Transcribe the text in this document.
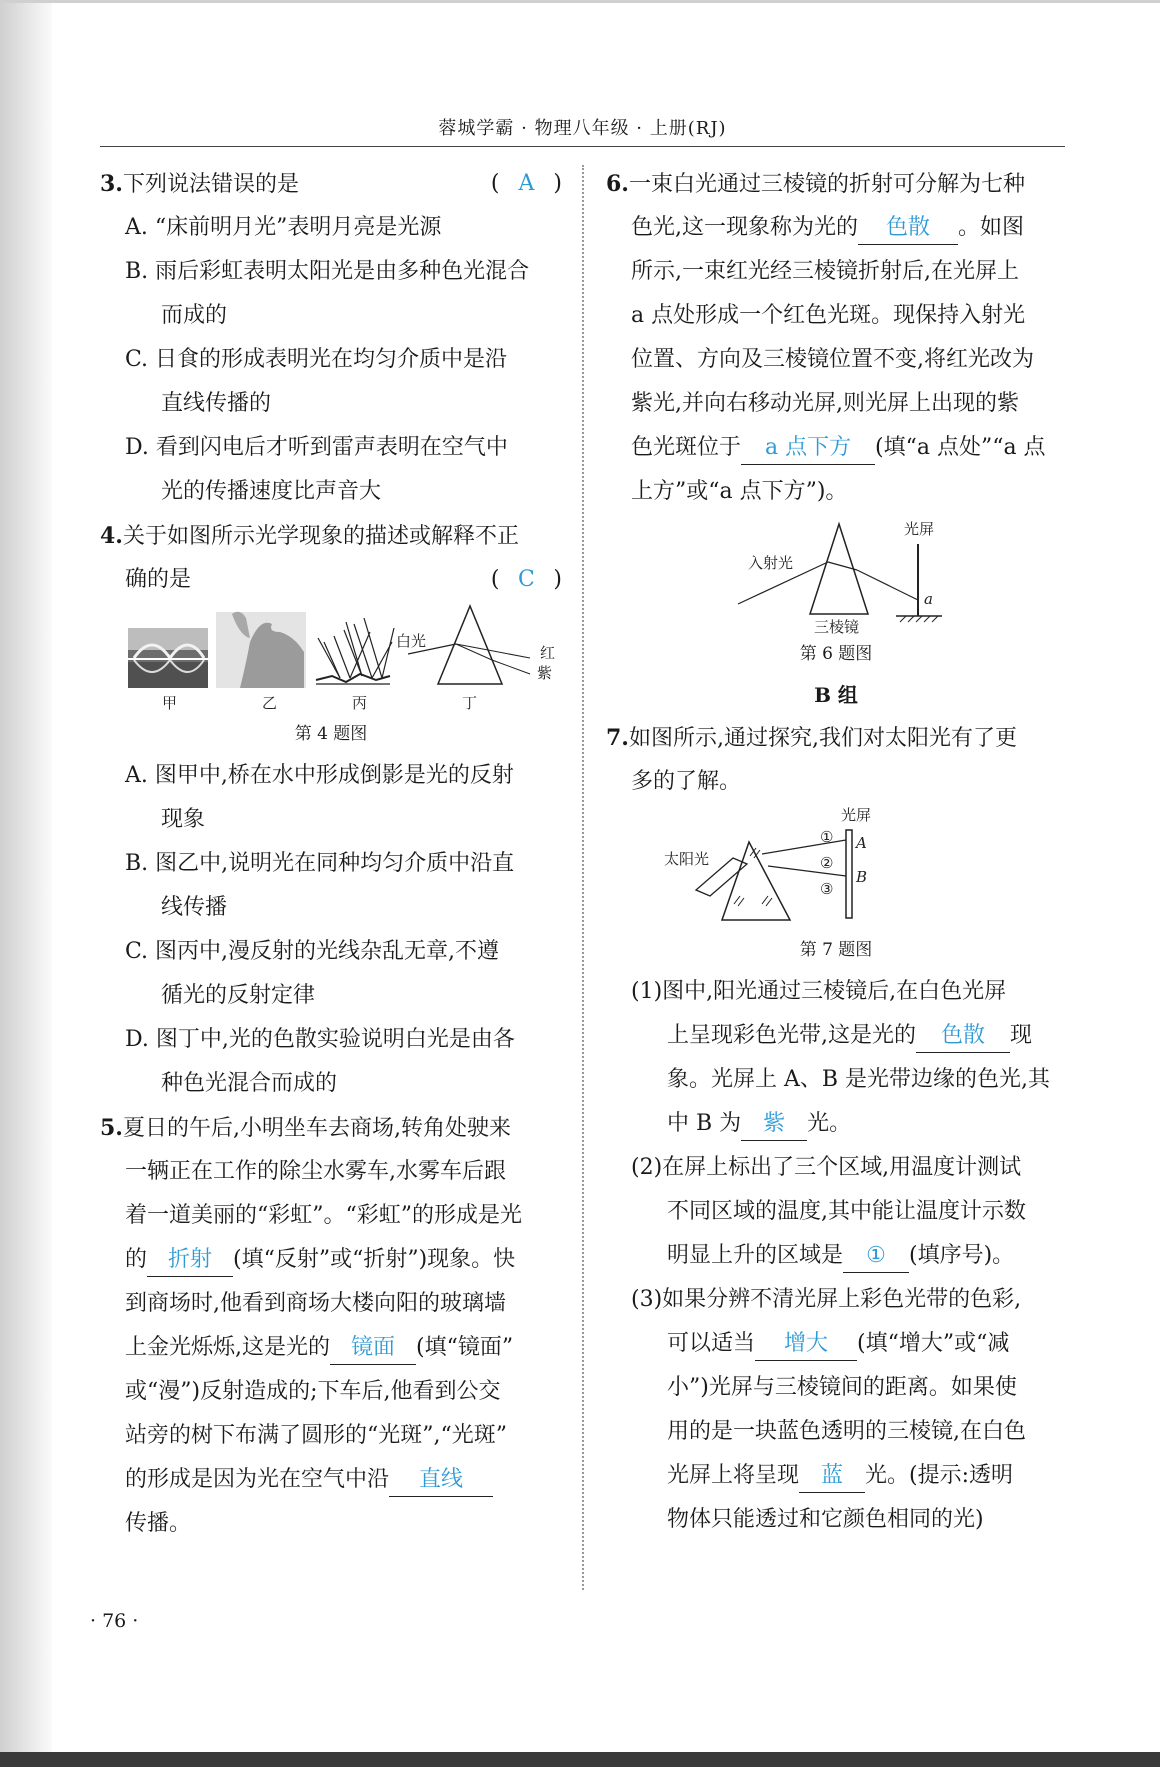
蓉城学霸 · 物理八年级 · 上册(RJ)
3.下列说法错误的是	( A )
A. “床前明月光”表明月亮是光源
B. 雨后彩虹表明太阳光是由多种色光混合
而成的
C. 日食的形成表明光在均匀介质中是沿
直线传播的
D. 看到闪电后才听到雷声表明在空气中
光的传播速度比声音大
4.关于如图所示光学现象的描述或解释不正
确的是	( C )
白光
红
紫
甲	乙	丙	丁
第 4 题图
A. 图甲中,桥在水中形成倒影是光的反射
现象
B. 图乙中,说明光在同种均匀介质中沿直
线传播
C. 图丙中,漫反射的光线杂乱无章,不遵
循光的反射定律
D. 图丁中,光的色散实验说明白光是由各
种色光混合而成的
5.夏日的午后,小明坐车去商场,转角处驶来
一辆正在工作的除尘水雾车,水雾车后跟
着一道美丽的“彩虹”。“彩虹”的形成是光
的 折射 (填“反射”或“折射”)现象。快
到商场时,他看到商场大楼向阳的玻璃墙
上金光烁烁,这是光的 镜面 (填“镜面”
或“漫”)反射造成的;下车后,他看到公交
站旁的树下布满了圆形的“光斑”,“光斑”
的形成是因为光在空气中沿 直线
传播。
6.一束白光通过三棱镜的折射可分解为七种
色光,这一现象称为光的 色散 。如图
所示,一束红光经三棱镜折射后,在光屏上
a 点处形成一个红色光斑。现保持入射光
位置、方向及三棱镜位置不变,将红光改为
紫光,并向右移动光屏,则光屏上出现的紫
色光斑位于 a 点下方 (填“a 点处”“a 点
上方”或“a 点下方”)。
光屏
入射光
三棱镜
a
第 6 题图
B 组
7.如图所示,通过探究,我们对太阳光有了更
多的了解。
光屏
太阳光
①
②
③
A
B
第 7 题图
(1)图中,阳光通过三棱镜后,在白色光屏
上呈现彩色光带,这是光的 色散 现
象。光屏上 A、B 是光带边缘的色光,其
中 B 为 紫 光。
(2)在屏上标出了三个区域,用温度计测试
不同区域的温度,其中能让温度计示数
明显上升的区域是 ① (填序号)。
(3)如果分辨不清光屏上彩色光带的色彩,
可以适当 增大 (填“增大”或“减
小”)光屏与三棱镜间的距离。如果使
用的是一块蓝色透明的三棱镜,在白色
光屏上将呈现 蓝 光。(提示:透明
物体只能透过和它颜色相同的光)
· 76 ·
